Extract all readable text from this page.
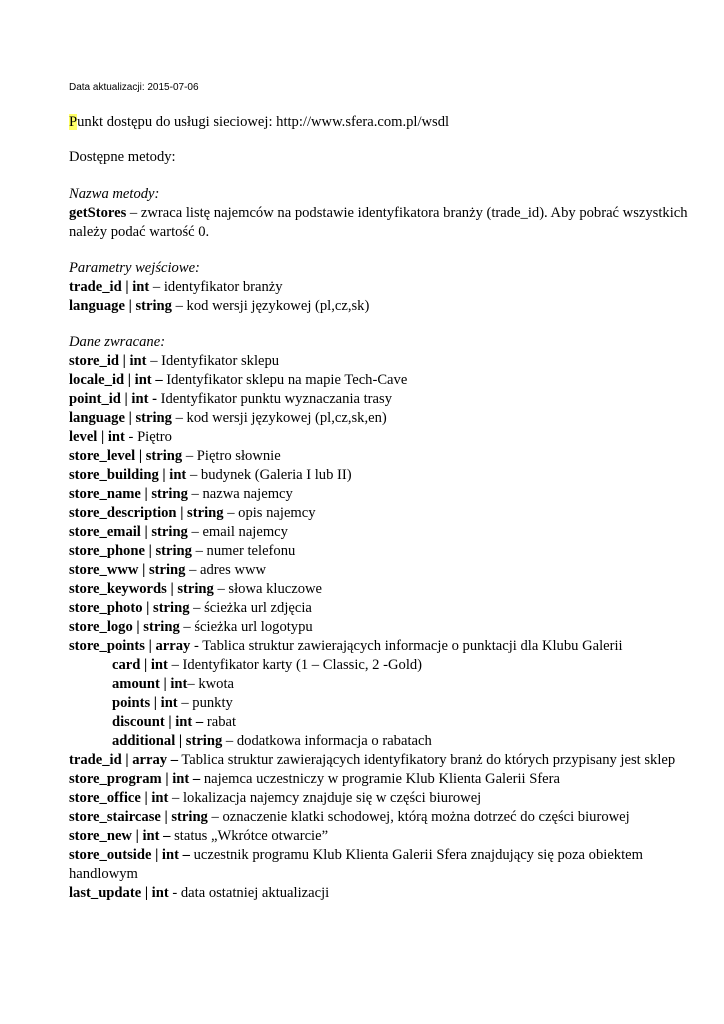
Data aktualizacji: 2015-07-06

Punkt dostępu do usługi sieciowej: http://www.sfera.com.pl/wsdl

Dostępne metody:

Nazwa metody:

getStores – zwraca listę najemców na podstawie identyfikatora branży (trade_id). Aby pobrać wszystkich należy podać wartość 0.

Parametry wejściowe:

trade_id | int – identyfikator branży

language | string – kod wersji językowej (pl,cz,sk)

Dane zwracane:

store_id | int – Identyfikator sklepu

locale_id | int – Identyfikator sklepu na mapie Tech-Cave

point_id | int - Identyfikator punktu wyznaczania trasy

language | string – kod wersji językowej (pl,cz,sk,en)

level | int - Piętro

store_level | string – Piętro słownie

store_building | int – budynek (Galeria I lub II)

store_name | string – nazwa najemcy

store_description | string – opis najemcy

store_email | string – email najemcy

store_phone | string – numer telefonu

store_www | string – adres www

store_keywords | string – słowa kluczowe

store_photo | string – ścieżka url zdjęcia

store_logo | string – ścieżka url logotypu

store_points | array - Tablica struktur zawierających informacje o punktacji dla Klubu Galerii

card | int – Identyfikator karty (1 – Classic, 2 -Gold)

amount | int– kwota

points | int – punkty

discount | int – rabat

additional | string – dodatkowa informacja o rabatach

trade_id | array – Tablica struktur zawierających identyfikatory branż do których przypisany jest sklep

store_program | int – najemca uczestniczy w programie Klub Klienta Galerii Sfera

store_office | int – lokalizacja najemcy znajduje się w części biurowej

store_staircase | string – oznaczenie klatki schodowej, którą można dotrzeć do części biurowej

store_new | int – status „Wkrótce otwarcie”

store_outside | int – uczestnik programu Klub Klienta Galerii Sfera znajdujący się poza obiektem handlowym

last_update | int - data ostatniej aktualizacji
